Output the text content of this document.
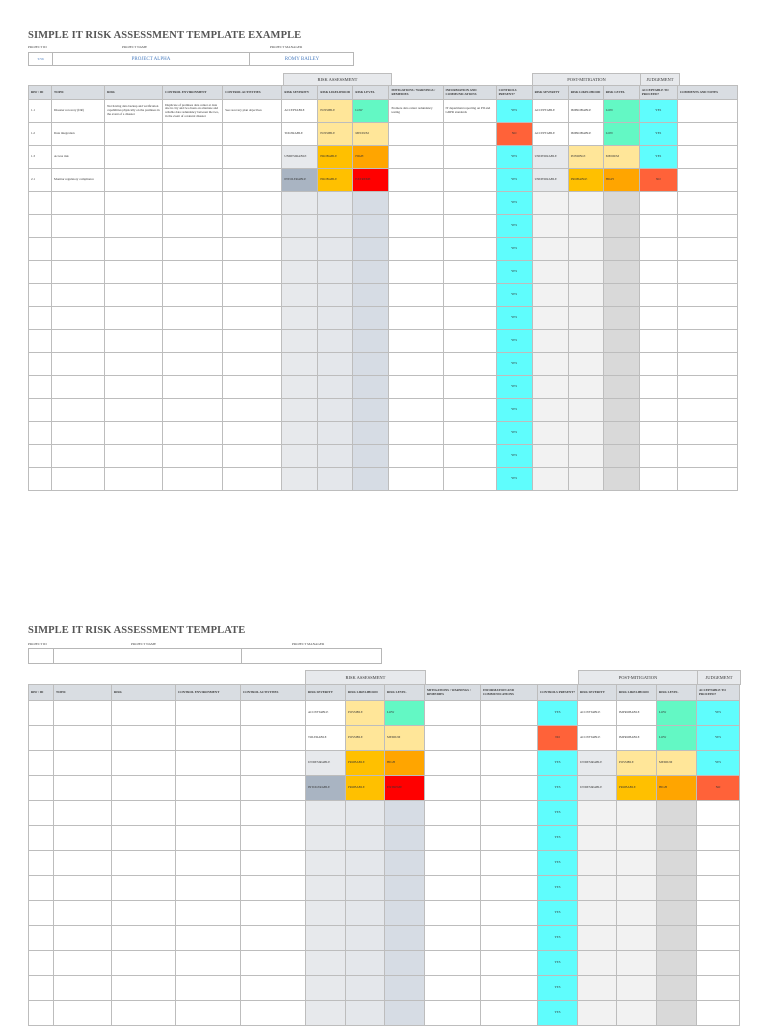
SIMPLE IT RISK ASSESSMENT TEMPLATE EXAMPLE
PROJECT ID	PROJECT NAME	PROJECT MANAGER
T/56	PROJECT ALPHA	ROMY BAILEY
RISK ASSESSMENT	POST-MITIGATION	JUDGEMENT
REF / ID	TOPIC	RISK	CONTROL ENVIRONMENT	CONTROL ACTIVITIES	RISK SEVERITY	RISK LIKELIHOOD	RISK LEVEL	MITIGATIONS / WARNINGS / REMEDIES	INFORMATION AND COMMUNICATIONS	CONTROLS PRESENT?	RISK SEVERITY	RISK LIKELIHOOD	RISK LEVEL	ACCEPTABLE TO PROCEED?	COMMENTS AND NOTES
1.1	Disaster recovery (DR)	Not having data backup and verification capabilities physically on the premises in the event of a disaster	Duplicate of premises data center at data site in city and two hosts on alternate and reliable data redundancy between the two, in the event of a natural disaster	See recovery plan objectives	ACCEPTABLE	POSSIBLE	LOW	Promote data center redundancy testing	IT department reporting on PII and GDPR standards	YES	ACCEPTABLE	IMPROBABLE	LOW	YES	
1.2	Data integration				TOLERABLE	POSSIBLE	MEDIUM			NO	ACCEPTABLE	IMPROBABLE	LOW	YES	
1.3	Access risk				UNDESIRABLE	PROBABLE	HIGH			YES	UNDESIRABLE	POSSIBLE	MEDIUM	YES	
2.1	Monitor regulatory compliance				INTOLERABLE	PROBABLE	EXTREME			YES	UNDESIRABLE	PROBABLE	HIGH	NO	
										YES					
										YES					
										YES					
										YES					
										YES					
										YES					
										YES					
										YES					
										YES					
										YES					
										YES					
										YES					
										YES					
SIMPLE IT RISK ASSESSMENT TEMPLATE
PROJECT ID	PROJECT NAME	PROJECT MANAGER
RISK ASSESSMENT	POST-MITIGATION	JUDGEMENT
REF / ID	TOPIC	RISK	CONTROL ENVIRONMENT	CONTROL ACTIVITIES	RISK SEVERITY	RISK LIKELIHOOD	RISK LEVEL	MITIGATIONS / WARNINGS / REMEDIES	INFORMATION AND COMMUNICATIONS	CONTROLS PRESENT?	RISK SEVERITY	RISK LIKELIHOOD	RISK LEVEL	ACCEPTABLE TO PROCEED?
					ACCEPTABLE	POSSIBLE	LOW			YES	ACCEPTABLE	IMPROBABLE	LOW	YES
					TOLERABLE	POSSIBLE	MEDIUM			NO	ACCEPTABLE	IMPROBABLE	LOW	YES
					UNDESIRABLE	PROBABLE	HIGH			YES	UNDESIRABLE	POSSIBLE	MEDIUM	YES
					INTOLERABLE	PROBABLE	EXTREME			YES	UNDESIRABLE	PROBABLE	HIGH	NO
										YES				
										YES				
										YES				
										YES				
										YES				
										YES				
										YES				
										YES				
										YES				
